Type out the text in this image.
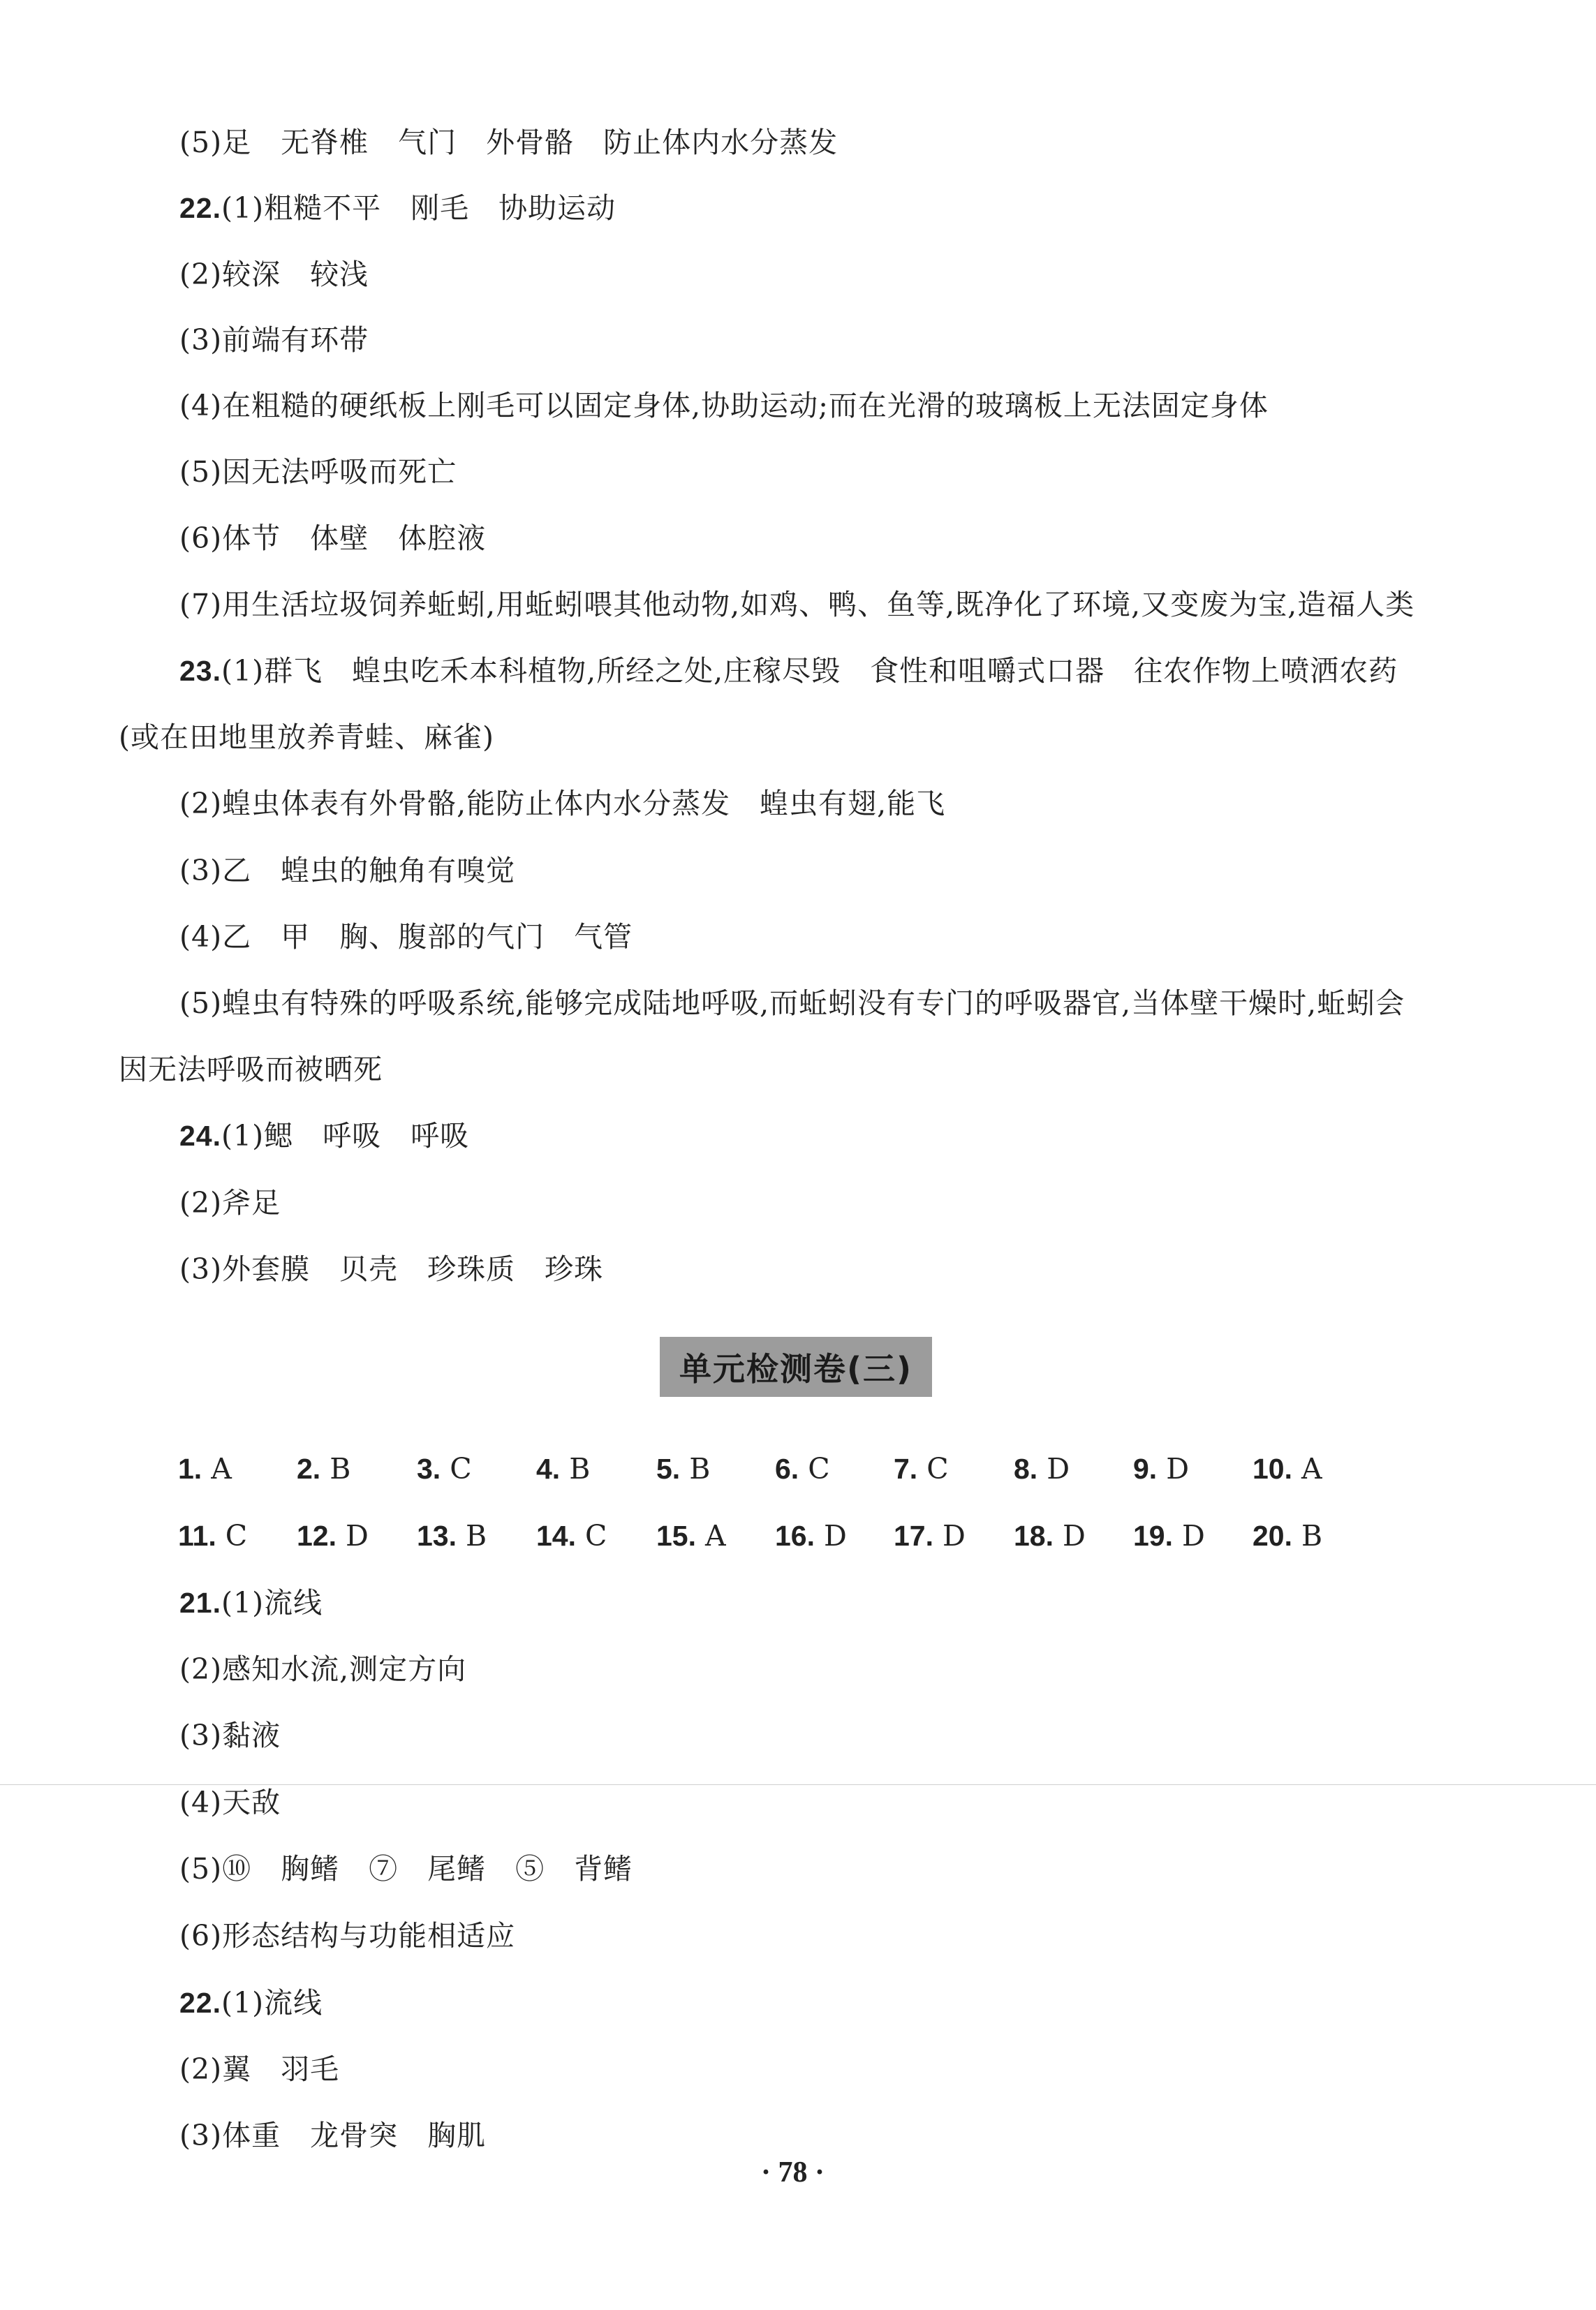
(5)足　无脊椎　气门　外骨骼　防止体内水分蒸发
22.(1)粗糙不平　刚毛　协助运动
(2)较深　较浅
(3)前端有环带
(4)在粗糙的硬纸板上刚毛可以固定身体,协助运动;而在光滑的玻璃板上无法固定身体
(5)因无法呼吸而死亡
(6)体节　体壁　体腔液
(7)用生活垃圾饲养蚯蚓,用蚯蚓喂其他动物,如鸡、鸭、鱼等,既净化了环境,又变废为宝,造福人类
23.(1)群飞　蝗虫吃禾本科植物,所经之处,庄稼尽毁　食性和咀嚼式口器　往农作物上喷洒农药
(或在田地里放养青蛙、麻雀)
(2)蝗虫体表有外骨骼,能防止体内水分蒸发　蝗虫有翅,能飞
(3)乙　蝗虫的触角有嗅觉
(4)乙　甲　胸、腹部的气门　气管
(5)蝗虫有特殊的呼吸系统,能够完成陆地呼吸,而蚯蚓没有专门的呼吸器官,当体壁干燥时,蚯蚓会
因无法呼吸而被晒死
24.(1)鳃　呼吸　呼吸
(2)斧足
(3)外套膜　贝壳　珍珠质　珍珠
单元检测卷(三)
1. A 2. B 3. C 4. B 5. B 6. C 7. C 8. D 9. D 10. A
11. C 12. D 13. B 14. C 15. A 16. D 17. D 18. D 19. D 20. B
21.(1)流线
(2)感知水流,测定方向
(3)黏液
(4)天敌
(5)⑩　胸鳍　⑦　尾鳍　⑤　背鳍
(6)形态结构与功能相适应
22.(1)流线
(2)翼　羽毛
(3)体重　龙骨突　胸肌
· 78 ·
